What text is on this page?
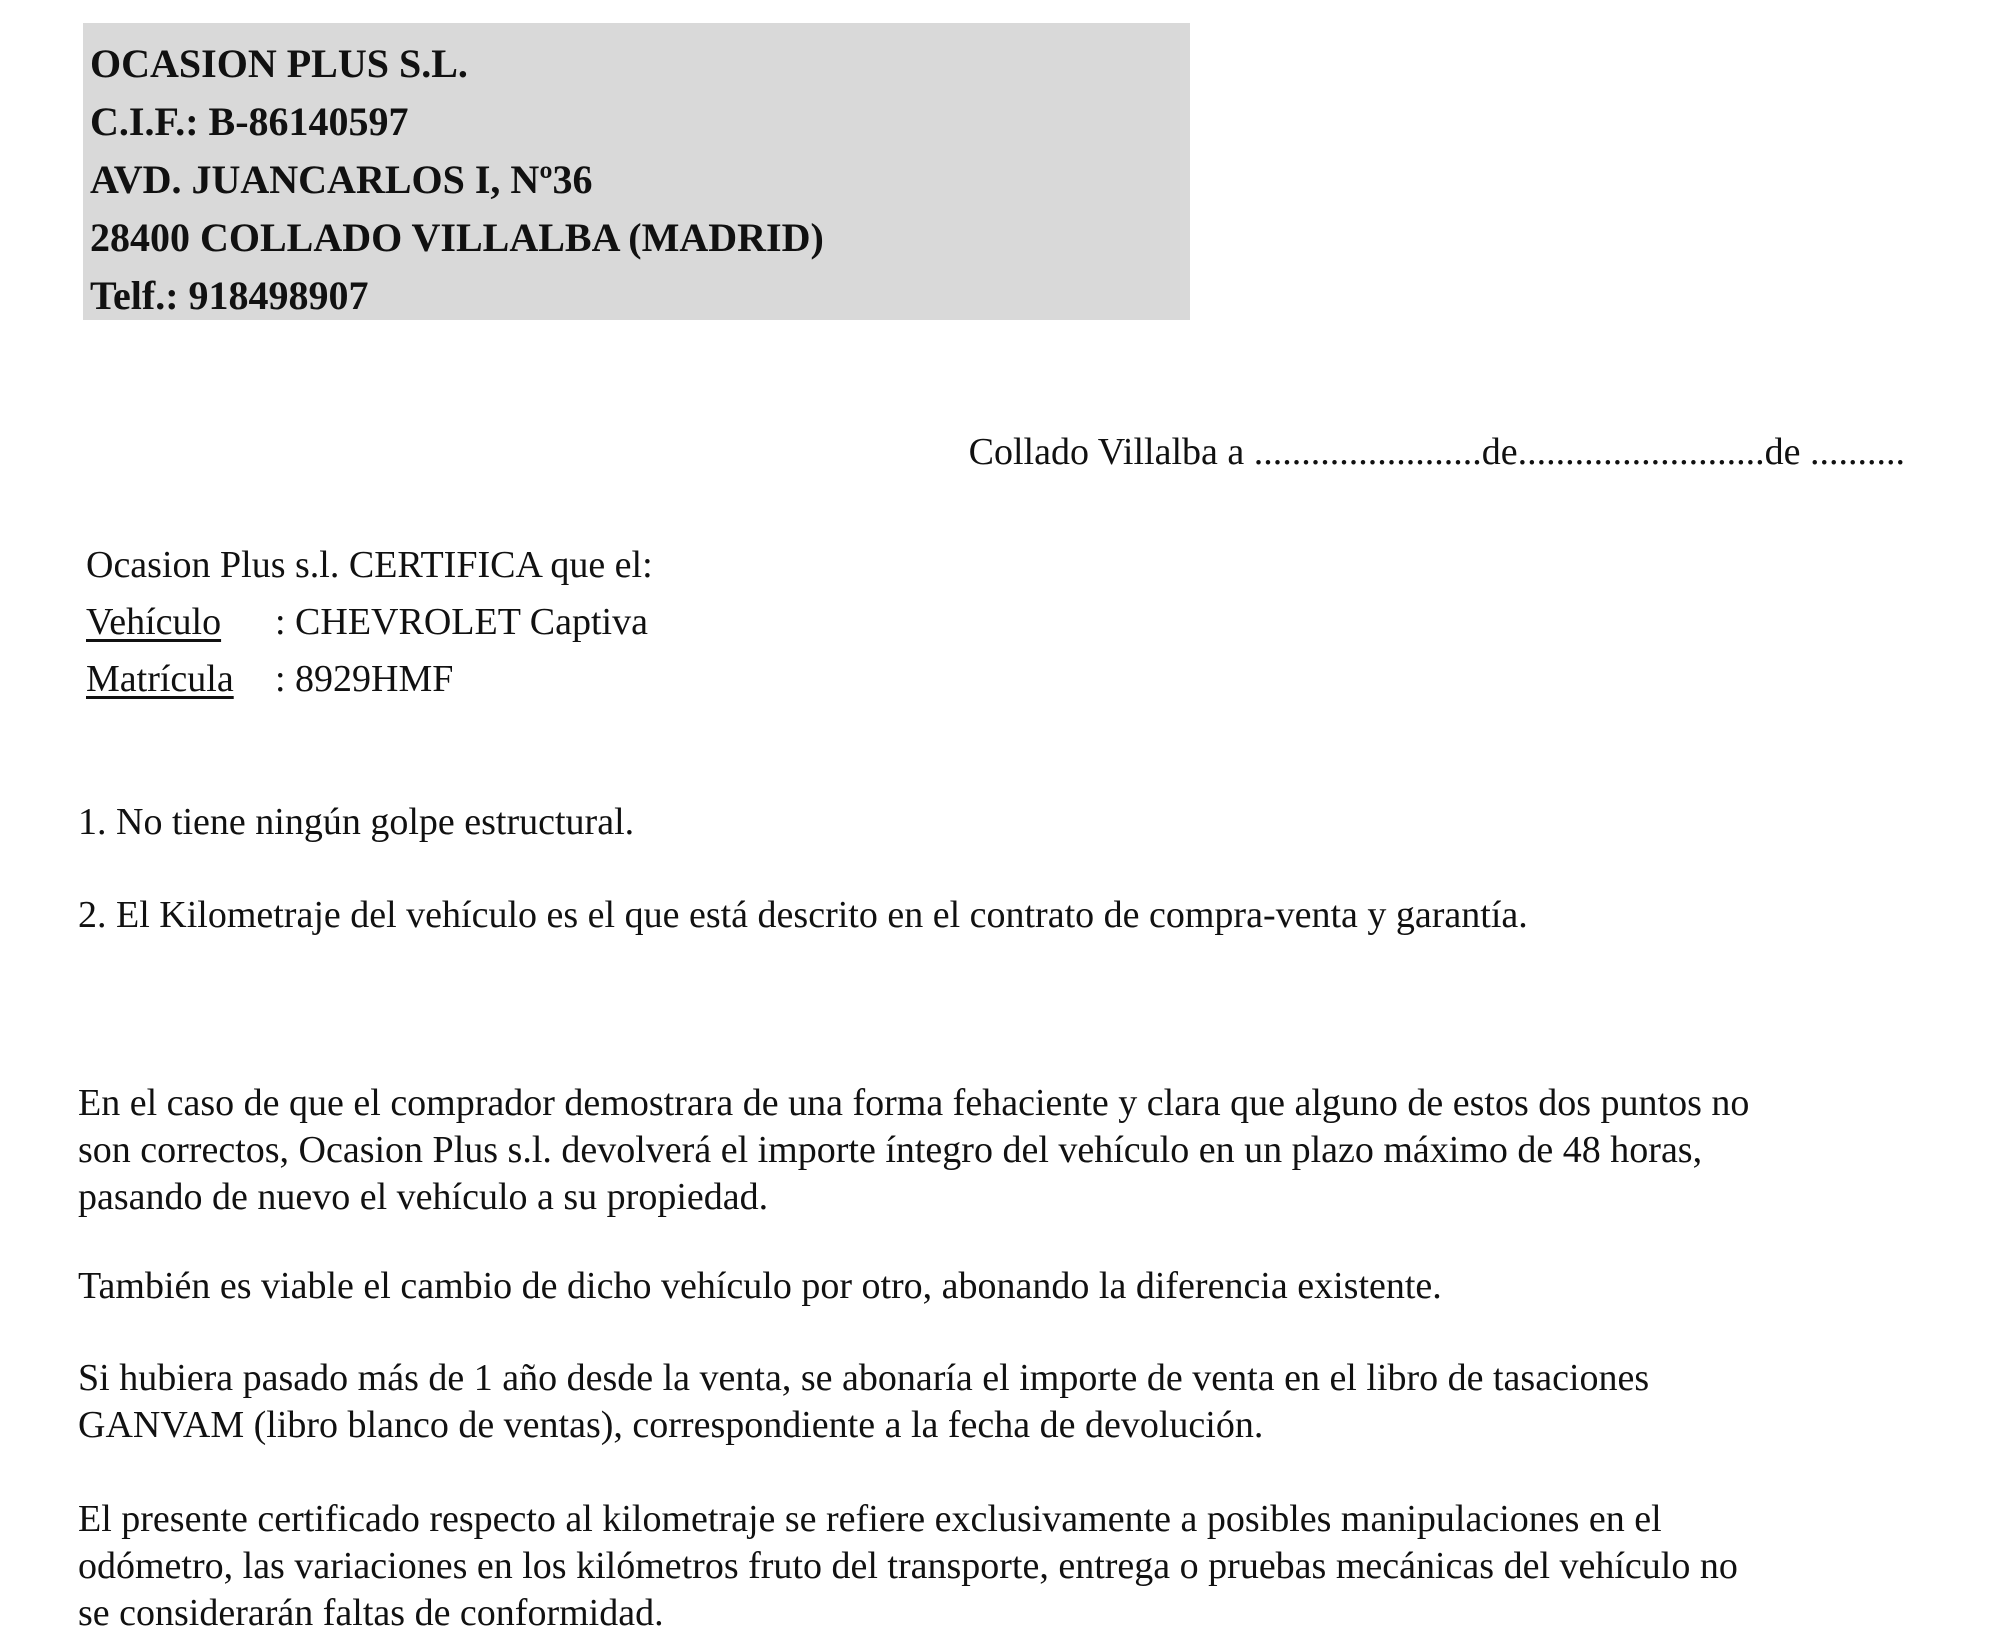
OCASION PLUS S.L.
C.I.F.: B-86140597
AVD. JUANCARLOS I, Nº36
28400 COLLADO VILLALBA (MADRID)
Telf.: 918498907
Collado Villalba a ........................de..........................de ..........
Ocasion Plus s.l. CERTIFICA que el:
Vehículo : CHEVROLET Captiva
Matrícula : 8929HMF
1. No tiene ningún golpe estructural.
2. El Kilometraje del vehículo es el que está descrito en el contrato de compra-venta y garantía.

En el caso de que el comprador demostrara de una forma fehaciente y clara que alguno de estos dos puntos no
son correctos, Ocasion Plus s.l. devolverá el importe íntegro del vehículo en un plazo máximo de 48 horas,
pasando de nuevo el vehículo a su propiedad.

También es viable el cambio de dicho vehículo por otro, abonando la diferencia existente.

Si hubiera pasado más de 1 año desde la venta, se abonaría el importe de venta en el libro de tasaciones
GANVAM (libro blanco de ventas), correspondiente a la fecha de devolución.

El presente certificado respecto al kilometraje se refiere exclusivamente a posibles manipulaciones en el
odómetro, las variaciones en los kilómetros fruto del transporte, entrega o pruebas mecánicas del vehículo no
se considerarán faltas de conformidad.
